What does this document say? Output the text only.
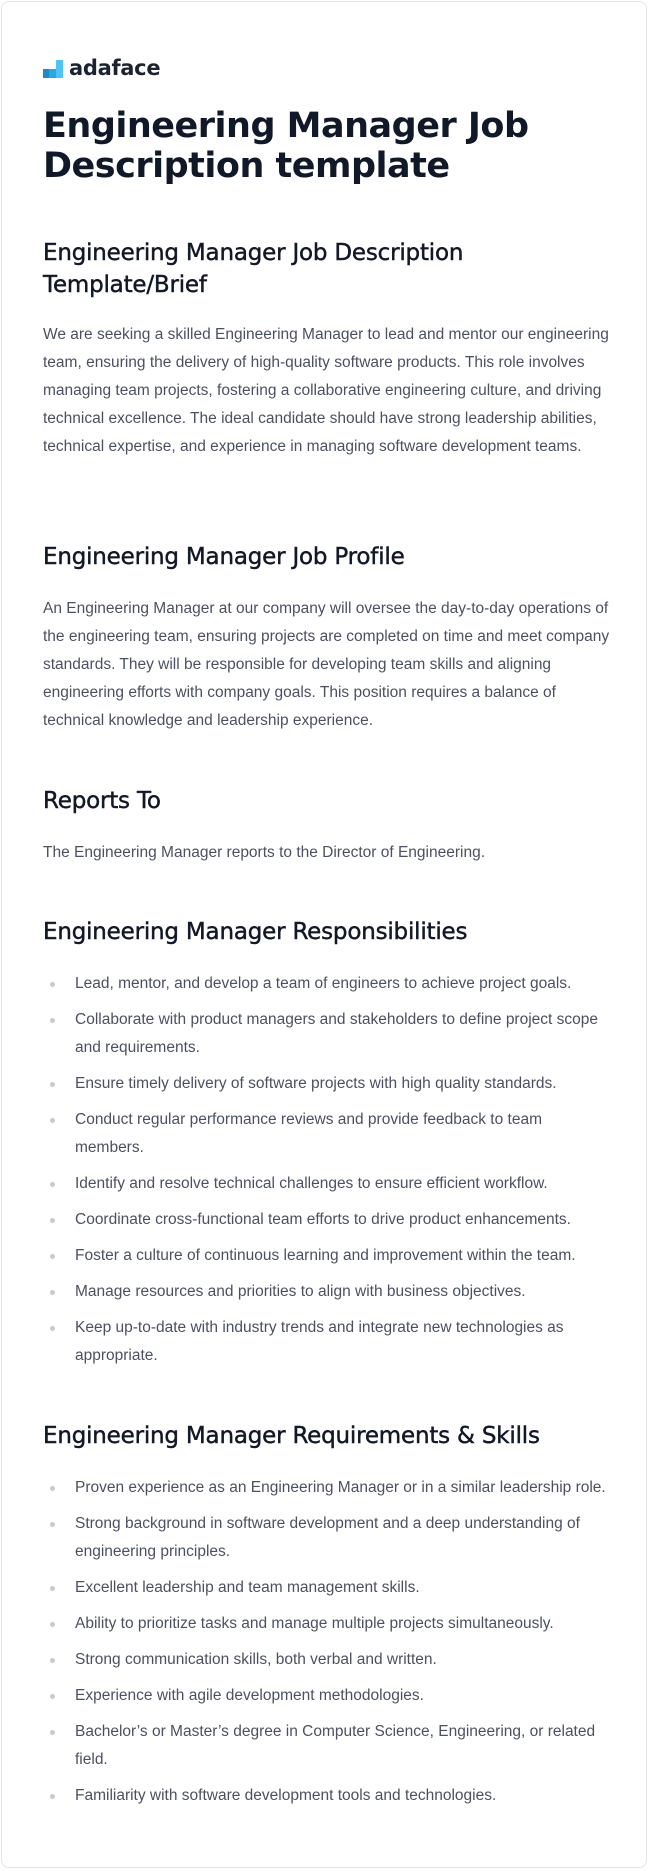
adaface
Engineering Manager Job Description template
Engineering Manager Job Description Template/Brief

We are seeking a skilled Engineering Manager to lead and mentor our engineering team, ensuring the delivery of high-quality software products. This role involves managing team projects, fostering a collaborative engineering culture, and driving technical excellence. The ideal candidate should have strong leadership abilities, technical expertise, and experience in managing software development teams.

Engineering Manager Job Profile

An Engineering Manager at our company will oversee the day-to-day operations of the engineering team, ensuring projects are completed on time and meet company standards. They will be responsible for developing team skills and aligning engineering efforts with company goals. This position requires a balance of technical knowledge and leadership experience.

Reports To

The Engineering Manager reports to the Director of Engineering.

Engineering Manager Responsibilities
Lead, mentor, and develop a team of engineers to achieve project goals.
Collaborate with product managers and stakeholders to define project scope and requirements.
Ensure timely delivery of software projects with high quality standards.
Conduct regular performance reviews and provide feedback to team members.
Identify and resolve technical challenges to ensure efficient workflow.
Coordinate cross-functional team efforts to drive product enhancements.
Foster a culture of continuous learning and improvement within the team.
Manage resources and priorities to align with business objectives.
Keep up-to-date with industry trends and integrate new technologies as appropriate.
Engineering Manager Requirements & Skills
Proven experience as an Engineering Manager or in a similar leadership role.
Strong background in software development and a deep understanding of engineering principles.
Excellent leadership and team management skills.
Ability to prioritize tasks and manage multiple projects simultaneously.
Strong communication skills, both verbal and written.
Experience with agile development methodologies.
Bachelor’s or Master’s degree in Computer Science, Engineering, or related field.
Familiarity with software development tools and technologies.
